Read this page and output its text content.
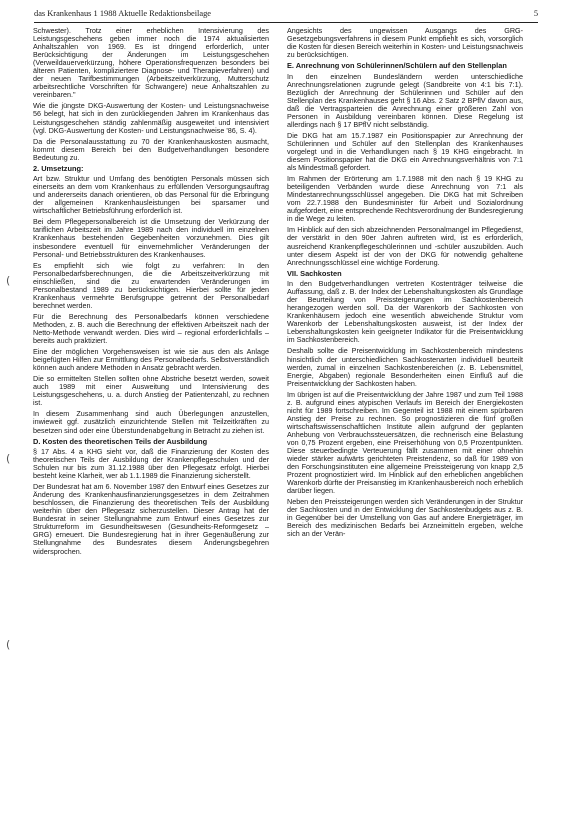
das Krankenhaus 1 1988 Aktuelle Redaktionsbeilage	5
(
(
(

Schwester). Trotz einer erheblichen Intensivierung des Leistungsgeschehens geben immer noch die 1974 aktualisierten Anhaltszahlen von 1969. Es ist dringend erforderlich, unter Berücksichtigung der Änderungen im Leistungsgeschehen (Verweildauerverkürzung, höhere Operationsfrequenzen besonders bei älteren Patienten, kompliziertere Diagnose- und Therapieverfahren) und der neuen Tarifbestimmungen (Arbeitszeitverkürzung, Mutterschutz arbeitsrechtliche Vorschriften für Schwangere) neue Anhaltszahlen zu vereinbaren."

Wie die jüngste DKG-Auswertung der Kosten- und Leistungsnachweise 56 belegt, hat sich in den zurückliegenden Jahren im Krankenhaus das Leistungsgeschehen ständig zahlenmäßig ausgeweitet und intensiviert (vgl. DKG-Auswertung der Kosten- und Leistungsnachweise '86, S. 4).

Da die Personalausstattung zu 70 der Krankenhauskosten ausmacht, kommt diesem Bereich bei den Budgetverhandlungen besondere Bedeutung zu.

2. Umsetzung:

Art bzw. Struktur und Umfang des benötigten Personals müssen sich einerseits an dem vom Krankenhaus zu erfüllenden Versorgungsauftrag und andererseits danach orientieren, ob das Personal für die Erbringung der allgemeinen Krankenhausleistungen bei sparsamer und wirtschaftlicher Betriebsführung erforderlich ist.

Bei dem Pflegepersonalbereich ist die Umsetzung der Verkürzung der tariflichen Arbeitszeit im Jahre 1989 nach den individuell im einzelnen Krankenhaus bestehenden Gegebenheiten vorzunehmen. Dies gilt insbesondere eventuell für einvernehmlicher Veränderungen der Personal- und Betriebsstrukturen des Krankenhauses.

Es empfiehlt sich wie folgt zu verfahren: In den Personalbedarfsberechnungen, die die Arbeitszeitverkürzung mit einschließen, sind die zu erwartenden Veränderungen im Personalbestand 1989 zu berücksichtigen. Hierbei sollte für jeden Krankenhaus vermehrte Berufsgruppe getrennt der Personalbedarf berechnet werden.

Für die Berechnung des Personalbedarfs können verschiedene Methoden, z. B. auch die Berechnung der effektiven Arbeitszeit nach der Netto-Methode verwandt werden. Dies wird – regional erforderlichfalls – bereits auch praktiziert.

Eine der möglichen Vorgehensweisen ist wie sie aus den als Anlage beigefügten Hilfen zur Ermittlung des Personalbedarfs. Selbstverständlich können auch andere Methoden in Ansatz gebracht werden.

Die so ermittelten Stellen sollten ohne Abstriche besetzt werden, soweit auch 1989 mit einer Ausweitung und Intensivierung des Leistungsgeschehens, u. a. durch Anstieg der Patientenzahl, zu rechnen ist.

In diesem Zusammenhang sind auch Überlegungen anzustellen, inwieweit ggf. zusätzlich einzurichtende Stellen mit Teilzeitkräften zu besetzen sind oder eine Überstundenabgeltung in Betracht zu ziehen ist.

D. Kosten des theoretischen Teils der Ausbildung

§ 17 Abs. 4 a KHG sieht vor, daß die Finanzierung der Kosten des theoretischen Teils der Ausbildung der Krankenpflegeschulen und der Schulen nur bis zum 31.12.1988 über den Pflegesatz erfolgt. Hierbei besteht keine Klarheit, wer ab 1.1.1989 die Finanzierung sicherstellt.

Der Bundesrat hat am 6. November 1987 den Entwurf eines Gesetzes zur Änderung des Krankenhausfinanzierungsgesetzes in dem Zeitrahmen beschlossen, die Finanzierung des theoretischen Teils der Ausbildung weiterhin über den Pflegesatz sicherzustellen. Dieser Antrag hat der Bundesrat in seiner Stellungnahme zum Entwurf eines Gesetzes zur Strukturreform im Gesundheitswesen (Gesundheits-Reformgesetz – GRG) erneuert. Die Bundesregierung hat in ihrer Gegenäußerung zur Stellungnahme des Bundesrates diesem Änderungsbegehren widersprochen.

Angesichts des ungewissen Ausgangs des GRG-Gesetzgebungsverfahrens in diesem Punkt empfiehlt es sich, vorsorglich die Kosten für diesen Bereich weiterhin in Kosten- und Leistungsnachweis zu berücksichtigen.

E. Anrechnung von Schülerinnen/Schülern auf den Stellenplan

In den einzelnen Bundesländern werden unterschiedliche Anrechnungsrelationen zugrunde gelegt (Sandbreite von 4:1 bis 7:1). Bezüglich der Anrechnung der Schülerinnen und Schüler auf den Stellenplan des Krankenhauses geht § 16 Abs. 2 Satz 2 BPflV davon aus, daß die Vertragsparteien die Anrechnung einer größeren Zahl von Personen in Ausbildung vereinbaren können. Diese Regelung ist allerdings nach § 17 BPflV nicht selbständig.

Die DKG hat am 15.7.1987 ein Positionspapier zur Anrechnung der Schülerinnen und Schüler auf den Stellenplan des Krankenhauses vorgelegt und in die Verhandlungen nach § 19 KHG eingebracht. In diesem Positionspapier hat die DKG ein Anrechnungsverhältnis von 7:1 als Mindestmaß gefordert.

Im Rahmen der Erörterung am 1.7.1988 mit den nach § 19 KHG zu beteiligenden Verbänden wurde diese Anrechnung von 7:1 als Mindestanrechnungsschlüssel angegeben. Die DKG hat mit Schreiben vom 22.7.1988 den Bundesminister für Arbeit und Sozialordnung aufgefordert, eine entsprechende Rechtsverordnung der Bundesregierung in die Wege zu leiten.

Im Hinblick auf den sich abzeichnenden Personalmangel im Pflegedienst, der verstärkt in den 90er Jahren auftreten wird, ist es erforderlich, ausreichend Krankenpflegeschülerinnen und -schüler auszubilden. Auch unter diesem Aspekt ist der von der DKG für notwendig gehaltene Anrechnungsschlüssel eine wichtige Forderung.

VII. Sachkosten

In den Budgetverhandlungen vertreten Kostenträger teilweise die Auffassung, daß z. B. der Index der Lebenshaltungskosten als Grundlage der Beurteilung von Preissteigerungen im Sachkostenbereich herangezogen werden soll. Da der Warenkorb der Sachkosten von Krankenhäusern jedoch eine wesentlich abweichende Struktur vom Warenkorb der Lebenshaltungskosten ausweist, ist der Index der Lebenshaltungskosten kein geeigneter Indikator für die Preisentwicklung im Sachkostenbereich.

Deshalb sollte die Preisentwicklung im Sachkostenbereich mindestens hinsichtlich der unterschiedlichen Sachkostenarten individuell beurteilt werden, zumal in einzelnen Sachkostenbereichen (z. B. Lebensmittel, Energie, Abgaben) regionale Besonderheiten einen Einfluß auf die Preisentwicklung der Sachkosten haben.

Im übrigen ist auf die Preisentwicklung der Jahre 1987 und zum Teil 1988 z. B. aufgrund eines atypischen Verlaufs im Bereich der Energiekosten nicht für 1989 fortschreiben. Im Gegenteil ist 1988 mit einem spürbaren Anstieg der Preise zu rechnen. So prognostizieren die fünf großen wirtschaftswissenschaftlichen Institute allein aufgrund der geplanten Anhebung von Verbrauchssteuersätzen, die rechnerisch eine Belastung von 0,75 Prozent ergeben, eine Preiserhöhung von 0,5 Prozentpunkten. Diese steuerbedingte Verteuerung fällt zusammen mit einer ohnehin wieder stärker aufwärts gerichteten Preistendenz, so daß für 1989 von den Forschungsinstituten eine allgemeine Preissteigerung von knapp 2,5 Prozent prognostiziert wird. Im Hinblick auf den erheblichen angeblichen Warenkorb dürfte der Preisanstieg im Krankenhausbereich noch erheblich darüber liegen.

Neben den Preissteigerungen werden sich Veränderungen in der Struktur der Sachkosten und in der Entwicklung der Sachkostenbudgets aus z. B. in Gegenüber bei der Umstellung von Gas auf andere Energieträger, im Bereich des medizinischen Bedarfs bei Arzneimitteln ergeben, welche sich an der Verän-
